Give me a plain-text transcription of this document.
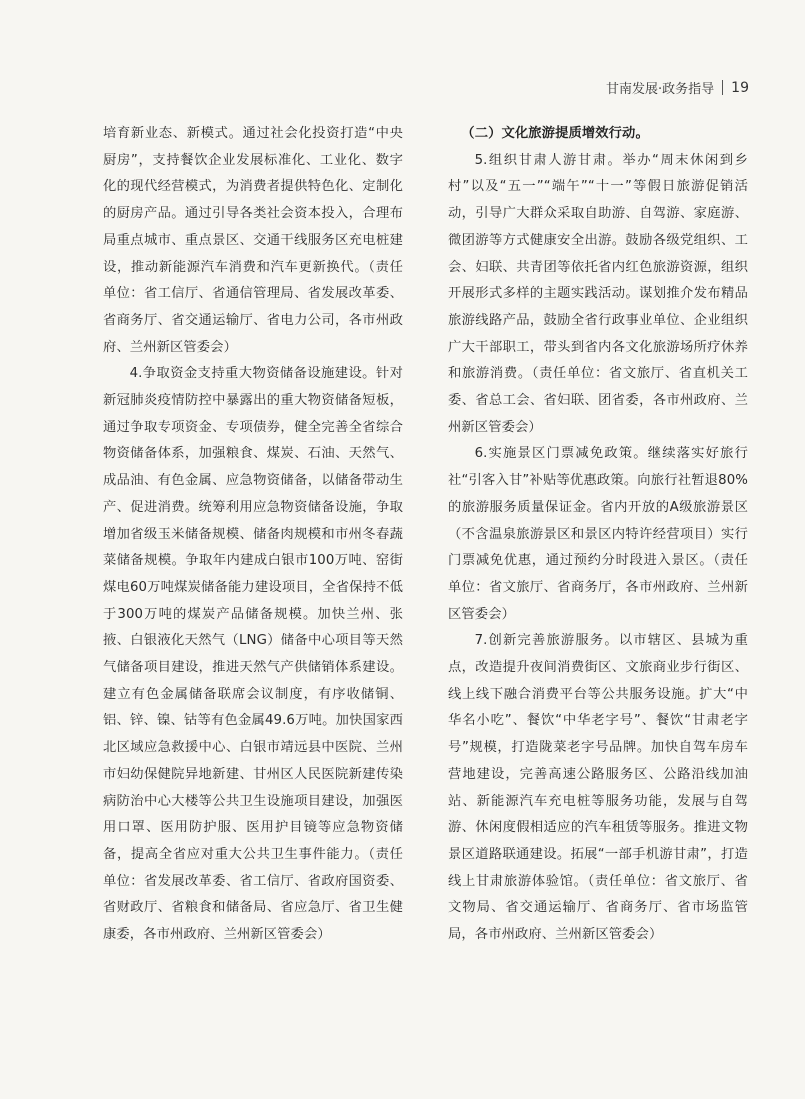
甘南发展·政务指导 19

培育新业态、新模式。通过社会化投资打造“中央厨房”，支持餐饮企业发展标准化、工业化、数字化的现代经营模式，为消费者提供特色化、定制化的厨房产品。通过引导各类社会资本投入，合理布局重点城市、重点景区、交通干线服务区充电桩建设，推动新能源汽车消费和汽车更新换代。（责任单位：省工信厅、省通信管理局、省发展改革委、省商务厅、省交通运输厅、省电力公司，各市州政府、兰州新区管委会）

4.争取资金支持重大物资储备设施建设。针对新冠肺炎疫情防控中暴露出的重大物资储备短板，通过争取专项资金、专项债券，健全完善全省综合物资储备体系，加强粮食、煤炭、石油、天然气、成品油、有色金属、应急物资储备，以储备带动生产、促进消费。统筹利用应急物资储备设施，争取增加省级玉米储备规模、储备肉规模和市州冬春蔬菜储备规模。争取年内建成白银市100万吨、窑街煤电60万吨煤炭储备能力建设项目，全省保持不低于300万吨的煤炭产品储备规模。加快兰州、张掖、白银液化天然气（LNG）储备中心项目等天然气储备项目建设，推进天然气产供储销体系建设。建立有色金属储备联席会议制度，有序收储铜、铝、锌、镍、钴等有色金属49.6万吨。加快国家西北区域应急救援中心、白银市靖远县中医院、兰州市妇幼保健院异地新建、甘州区人民医院新建传染病防治中心大楼等公共卫生设施项目建设，加强医用口罩、医用防护服、医用护目镜等应急物资储备，提高全省应对重大公共卫生事件能力。（责任单位：省发展改革委、省工信厅、省政府国资委、省财政厅、省粮食和储备局、省应急厅、省卫生健康委，各市州政府、兰州新区管委会）

（二）文化旅游提质增效行动。

5.组织甘肃人游甘肃。举办“周末休闲到乡村”以及“五一”“端午”“十一”等假日旅游促销活动，引导广大群众采取自助游、自驾游、家庭游、微团游等方式健康安全出游。鼓励各级党组织、工会、妇联、共青团等依托省内红色旅游资源，组织开展形式多样的主题实践活动。谋划推介发布精品旅游线路产品，鼓励全省行政事业单位、企业组织广大干部职工，带头到省内各文化旅游场所疗休养和旅游消费。（责任单位：省文旅厅、省直机关工委、省总工会、省妇联、团省委，各市州政府、兰州新区管委会）

6.实施景区门票减免政策。继续落实好旅行社“引客入甘”补贴等优惠政策。向旅行社暂退80%的旅游服务质量保证金。省内开放的A级旅游景区（不含温泉旅游景区和景区内特许经营项目）实行门票减免优惠，通过预约分时段进入景区。（责任单位：省文旅厅、省商务厅，各市州政府、兰州新区管委会）

7.创新完善旅游服务。以市辖区、县城为重点，改造提升夜间消费街区、文旅商业步行街区、线上线下融合消费平台等公共服务设施。扩大“中华名小吃”、餐饮“中华老字号”、餐饮“甘肃老字号”规模，打造陇菜老字号品牌。加快自驾车房车营地建设，完善高速公路服务区、公路沿线加油站、新能源汽车充电桩等服务功能，发展与自驾游、休闲度假相适应的汽车租赁等服务。推进文物景区道路联通建设。拓展“一部手机游甘肃”，打造线上甘肃旅游体验馆。（责任单位：省文旅厅、省文物局、省交通运输厅、省商务厅、省市场监管局，各市州政府、兰州新区管委会）
